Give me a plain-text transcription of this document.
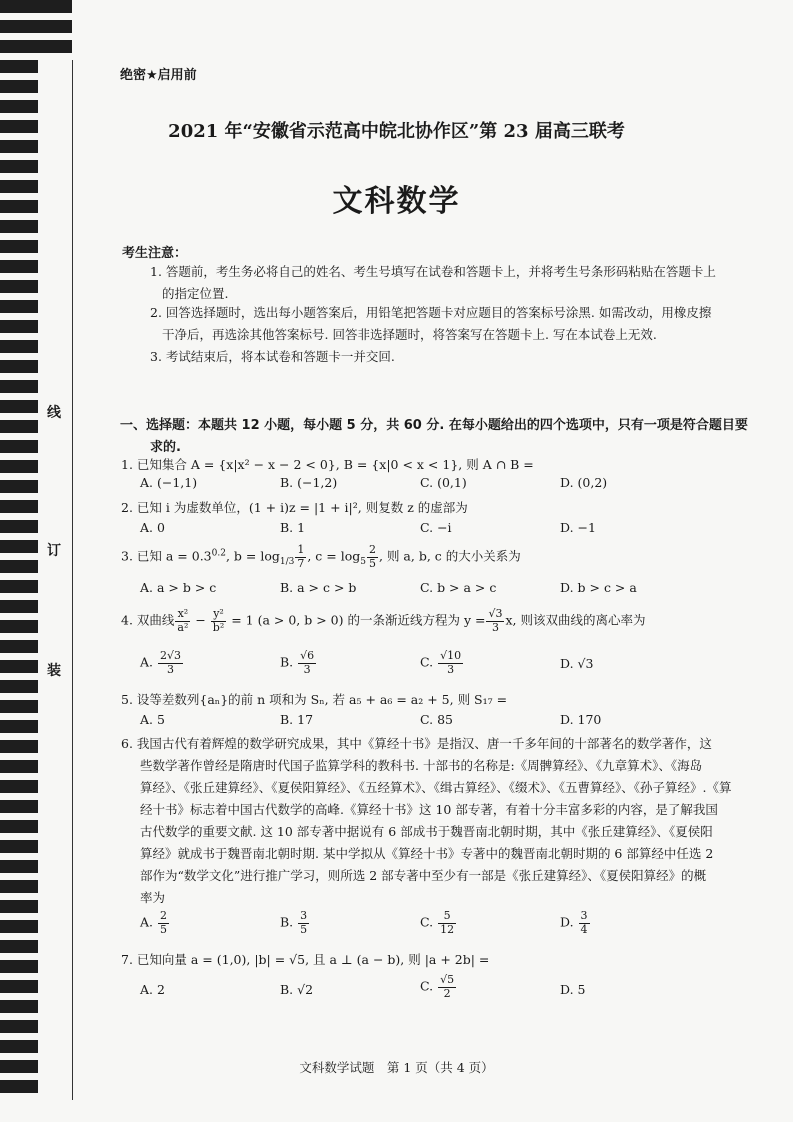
线
订
装
绝密★启用前
2021 年“安徽省示范高中皖北协作区”第 23 届高三联考
文科数学
考生注意：
1. 答题前，考生务必将自己的姓名、考生号填写在试卷和答题卡上，并将考生号条形码粘贴在答题卡上
的指定位置.
2. 回答选择题时，选出每小题答案后，用铅笔把答题卡对应题目的答案标号涂黑. 如需改动，用橡皮擦
干净后，再选涂其他答案标号. 回答非选择题时，将答案写在答题卡上. 写在本试卷上无效.
3. 考试结束后，将本试卷和答题卡一并交回.
一、选择题：本题共 12 小题，每小题 5 分，共 60 分. 在每小题给出的四个选项中，只有一项是符合题目要
求的.
1. 已知集合 A = {x|x² − x − 2 < 0}, B = {x|0 < x < 1}, 则 A ∩ B =
A. (−1,1)	B. (−1,2)	C. (0,1)	D. (0,2)
2. 已知 i 为虚数单位，(1 + i)z = |1 + i|², 则复数 z 的虚部为
A. 0	B. 1	C. −i	D. −1
3. 已知 $a = 0.3^{0.2}$, $b = \log_{1/3} \frac{1}{7}$ , $c = \log_5 \frac{2}{5}$ , 则 a, b, c 的大小关系为
A. a > b > c	B. a > c > b	C. b > a > c	D. b > c > a
4. 双曲线 $\frac{\text{x²}}{\text{a²}} - \frac{\text{y²}}{\text{b²}} = 1$ (a > 0, b > 0) 的一条渐近线方程为 $y = \frac{√3}{3} x$, 则该双曲线的离心率为
A. $\frac{2√3}{3}$	B. $\frac{√6}{3}$	C. $\frac{√10}{3}$	D. √3
5. 设等差数列{aₙ}的前 n 项和为 Sₙ, 若 a₅ + a₆ = a₂ + 5, 则 S₁₇ =
A. 5	B. 17	C. 85	D. 170
6. 我国古代有着辉煌的数学研究成果，其中《算经十书》是指汉、唐一千多年间的十部著名的数学著作，这
些数学著作曾经是隋唐时代国子监算学科的教科书. 十部书的名称是:《周髀算经》、《九章算术》、《海岛
算经》、《张丘建算经》、《夏侯阳算经》、《五经算术》、《缉古算经》、《缀术》、《五曹算经》、《孙子算经》.《算
经十书》标志着中国古代数学的高峰.《算经十书》这 10 部专著，有着十分丰富多彩的内容，是了解我国
古代数学的重要文献. 这 10 部专著中据说有 6 部成书于魏晋南北朝时期，其中《张丘建算经》、《夏侯阳
算经》就成书于魏晋南北朝时期. 某中学拟从《算经十书》专著中的魏晋南北朝时期的 6 部算经中任选 2
部作为“数学文化”进行推广学习，则所选 2 部专著中至少有一部是《张丘建算经》、《夏侯阳算经》的概
率为
A. $\frac{2}{5}$	B. $\frac{3}{5}$	C. $\frac{5}{12}$	D. $\frac{3}{4}$
7. 已知向量 a = (1,0), |b| = √5, 且 a ⊥ (a − b), 则 |a + 2b| =
A. 2	B. √2	C. $\frac{√5}{2}$	D. 5
文科数学试题　第 1 页（共 4 页）
